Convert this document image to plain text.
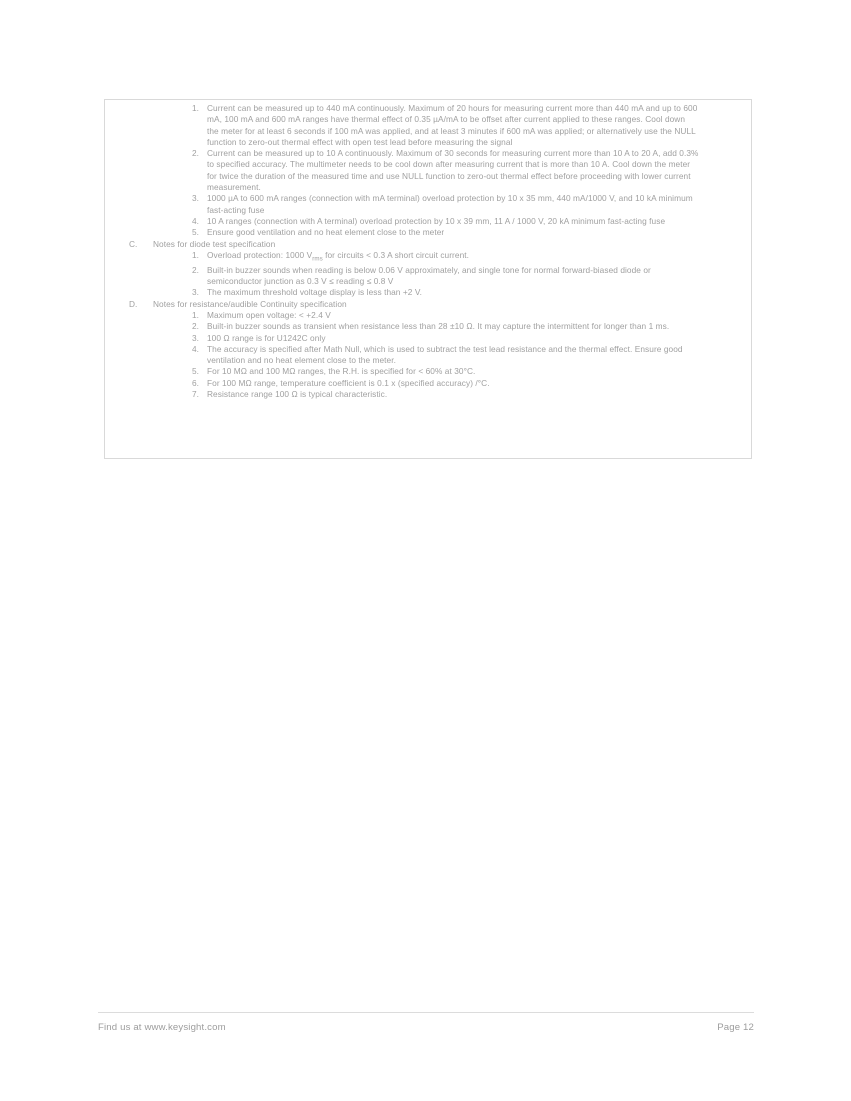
1. Current can be measured up to 440 mA continuously. Maximum of 20 hours for measuring current more than 440 mA and up to 600 mA, 100 mA and 600 mA ranges have thermal effect of 0.35 µA/mA to be offset after current applied to these ranges. Cool down the meter for at least 6 seconds if 100 mA was applied, and at least 3 minutes if 600 mA was applied; or alternatively use the NULL function to zero-out thermal effect with open test lead before measuring the signal
2. Current can be measured up to 10 A continuously. Maximum of 30 seconds for measuring current more than 10 A to 20 A, add 0.3% to specified accuracy. The multimeter needs to be cool down after measuring current that is more than 10 A. Cool down the meter for twice the duration of the measured time and use NULL function to zero-out thermal effect before proceeding with lower current measurement.
3. 1000 µA to 600 mA ranges (connection with mA terminal) overload protection by 10 x 35 mm, 440 mA/1000 V, and 10 kA minimum fast-acting fuse
4. 10 A ranges (connection with A terminal) overload protection by 10 x 39 mm, 11 A / 1000 V, 20 kA minimum fast-acting fuse
5. Ensure good ventilation and no heat element close to the meter
C.	Notes for diode test specification
1. Overload protection: 1000 $V_{rms}$ for circuits < 0.3 A short circuit current.
2. Built-in buzzer sounds when reading is below 0.06 V approximately, and single tone for normal forward-biased diode or semiconductor junction as 0.3 V ≤ reading ≤ 0.8 V
3. The maximum threshold voltage display is less than +2 V.
D.	Notes for resistance/audible Continuity specification
1. Maximum open voltage: < +2.4 V
2. Built-in buzzer sounds as transient when resistance less than 28 ±10 Ω. It may capture the intermittent for longer than 1 ms.
3. 100 Ω range is for U1242C only
4. The accuracy is specified after Math Null, which is used to subtract the test lead resistance and the thermal effect. Ensure good ventilation and no heat element close to the meter.
5. For 10 MΩ and 100 MΩ ranges, the R.H. is specified for < 60% at 30°C.
6. For 100 MΩ range, temperature coefficient is 0.1 x (specified accuracy) /°C.
7. Resistance range 100 Ω is typical characteristic.
Find us at www.keysight.com	Page 12
